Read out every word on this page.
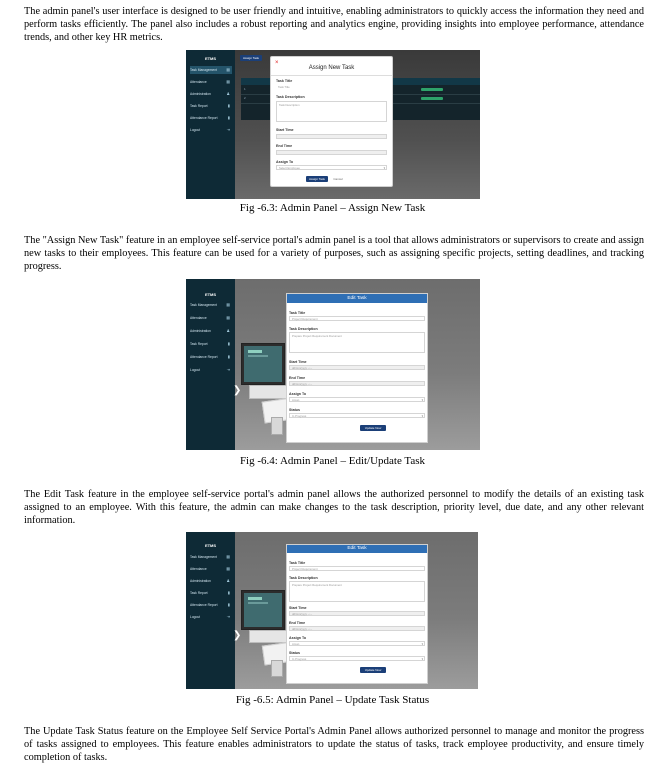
The admin panel's user interface is designed to be user friendly and intuitive, enabling administrators to quickly access the information they need and perform tasks efficiently. The panel also includes a robust reporting and analytics engine, providing insights into employee performance, attendance trends, and other key HR metrics.

ETMS
Task Management ▦
Attendance	▦
Administration	♟
Task Report	▮
Attendance Report	▮
Logout	⇥
Assign Task
1
2
×
Assign New Task
Task Title
Task Title
Task Description
Task Description
Start Time
End Time
Assign To
Select Employee	▾
Assign Task	Cancel

Fig -6.3: Admin Panel – Assign New Task

The "Assign New Task" feature in an employee self-service portal's admin panel is a tool that allows administrators or supervisors to create and assign new tasks to their employees. This feature can be used for a variety of purposes, such as assigning specific projects, setting deadlines, and tracking progress.

ETMS
Task Management ▦
Attendance	▦
Administration	♟
Task Report	▮
Attendance Report	▮
Logout	⇥
❯
Edit Task
Task Title
Project Requirement
Task Description
Prepare Project Requirement Document
Start Time
dd/mm/yyyy --:--
End Time
dd/mm/yyyy --:--
Assign To
Aman	▾
Status
In Progress	▾
Update Now

Fig -6.4: Admin Panel – Edit/Update Task

The Edit Task feature in the employee self-service portal's admin panel allows the authorized personnel to modify the details of an existing task assigned to an employee. With this feature, the admin can make changes to the task description, priority level, due date, and any other relevant information.

ETMS
Task Management ▦
Attendance	▦
Administration	♟
Task Report	▮
Attendance Report	▮
Logout	⇥
❯
Edit Task
Task Title
Project Requirement
Task Description
Prepare Project Requirement Document
Start Time
dd/mm/yyyy --:--
End Time
dd/mm/yyyy --:--
Assign To
Aman	▾
Status
In Progress	▾
Update Now

Fig -6.5: Admin Panel – Update Task Status

The Update Task Status feature on the Employee Self Service Portal's Admin Panel allows authorized personnel to manage and monitor the progress of tasks assigned to employees. This feature enables administrators to update the status of tasks, track employee productivity, and ensure timely completion of tasks.
